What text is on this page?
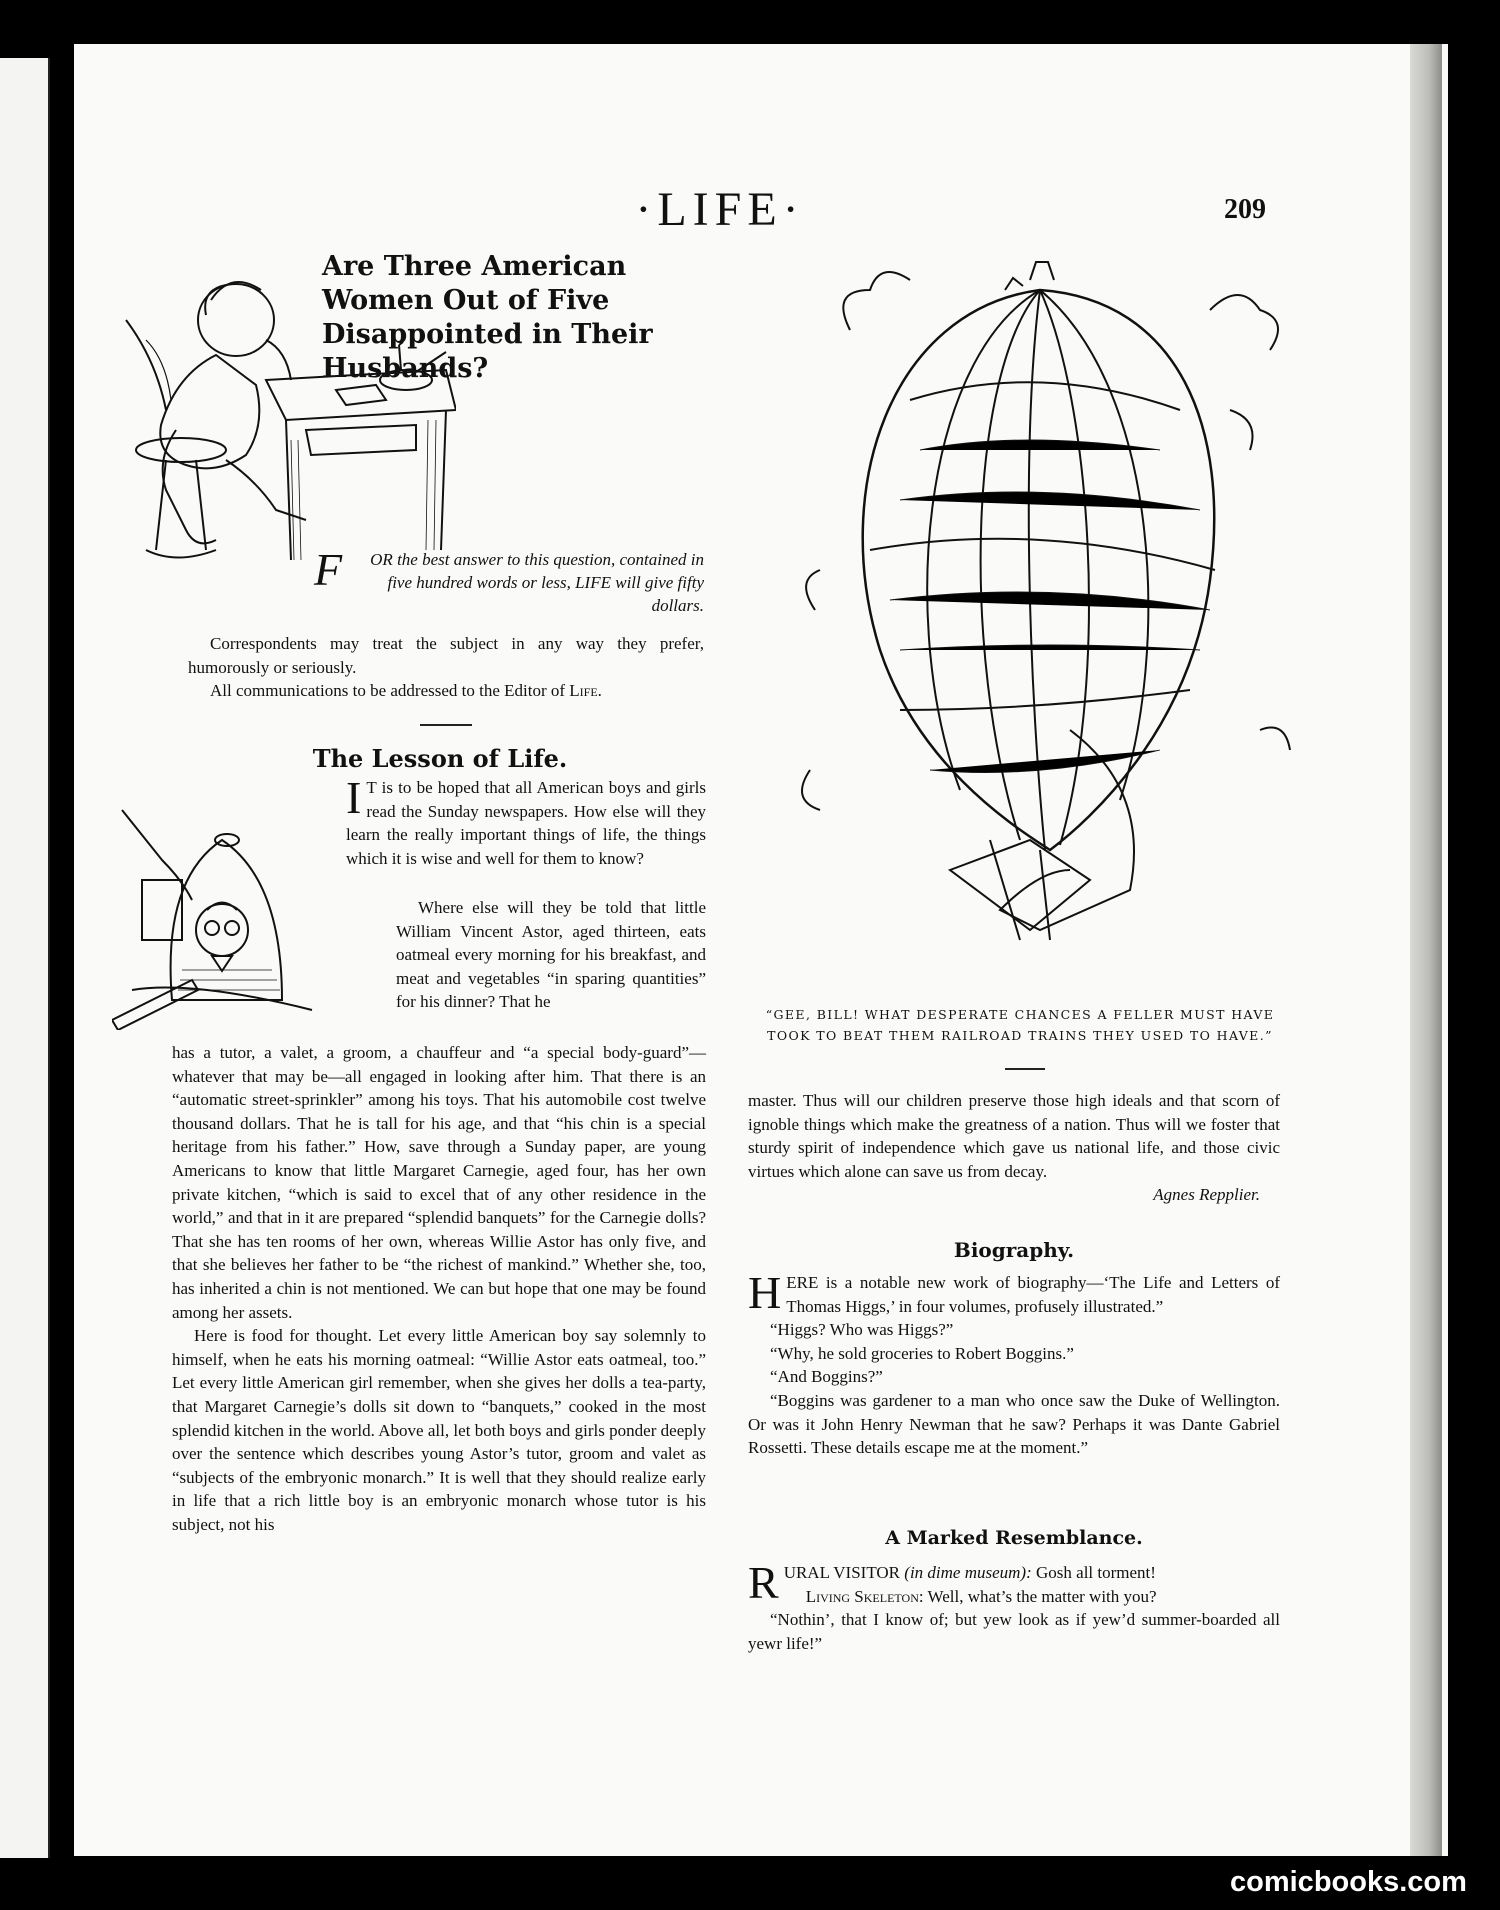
·LIFE·	209
Are Three American Women Out of Five Disappointed in Their Husbands?
F OR the best answer to this question, contained in five hundred words or less, LIFE will give fifty dollars.

Correspondents may treat the subject in any way they prefer, humorously or seriously.

All communications to be addressed to the Editor of Life.

The Lesson of Life.
I T is to be hoped that all American boys and girls read the Sunday newspapers. How else will they learn the really important things of life, the things which it is wise and well for them to know?
Where else will they be told that little William Vincent Astor, aged thirteen, eats oatmeal every morning for his breakfast, and meat and vegetables “in sparing quantities” for his dinner? That he

has a tutor, a valet, a groom, a chauffeur and “a special body-guard”—whatever that may be—all engaged in looking after him. That there is an “automatic street-sprinkler” among his toys. That his automobile cost twelve thousand dollars. That he is tall for his age, and that “his chin is a special heritage from his father.” How, save through a Sunday paper, are young Americans to know that little Margaret Carnegie, aged four, has her own private kitchen, “which is said to excel that of any other residence in the world,” and that in it are prepared “splendid banquets” for the Carnegie dolls? That she has ten rooms of her own, whereas Willie Astor has only five, and that she believes her father to be “the richest of mankind.” Whether she, too, has inherited a chin is not mentioned. We can but hope that one may be found among her assets.

Here is food for thought. Let every little American boy say solemnly to himself, when he eats his morning oatmeal: “Willie Astor eats oatmeal, too.” Let every little American girl remember, when she gives her dolls a tea-party, that Margaret Carnegie’s dolls sit down to “banquets,” cooked in the most splendid kitchen in the world. Above all, let both boys and girls ponder deeply over the sentence which describes young Astor’s tutor, groom and valet as “subjects of the embryonic monarch.” It is well that they should realize early in life that a rich little boy is an embryonic monarch whose tutor is his subject, not his

“GEE, BILL! WHAT DESPERATE CHANCES A FELLER MUST HAVE TOOK TO BEAT THEM RAILROAD TRAINS THEY USED TO HAVE.”

master. Thus will our children preserve those high ideals and that scorn of ignoble things which make the greatness of a nation. Thus will we foster that sturdy spirit of independence which gave us national life, and those civic virtues which alone can save us from decay.

Agnes Repplier.

Biography.

HERE is a notable new work of biography—‘The Life and Letters of Thomas Higgs,’ in four volumes, profusely illustrated.”

“Higgs? Who was Higgs?”

“Why, he sold groceries to Robert Boggins.”

“And Boggins?”

“Boggins was gardener to a man who once saw the Duke of Wellington. Or was it John Henry Newman that he saw? Perhaps it was Dante Gabriel Rossetti. These details escape me at the moment.”

A Marked Resemblance.

RURAL VISITOR (in dime museum): Gosh all torment!

Living Skeleton: Well, what’s the matter with you?

“Nothin’, that I know of; but yew look as if yew’d summer-boarded all yewr life!”

comicbooks.com
